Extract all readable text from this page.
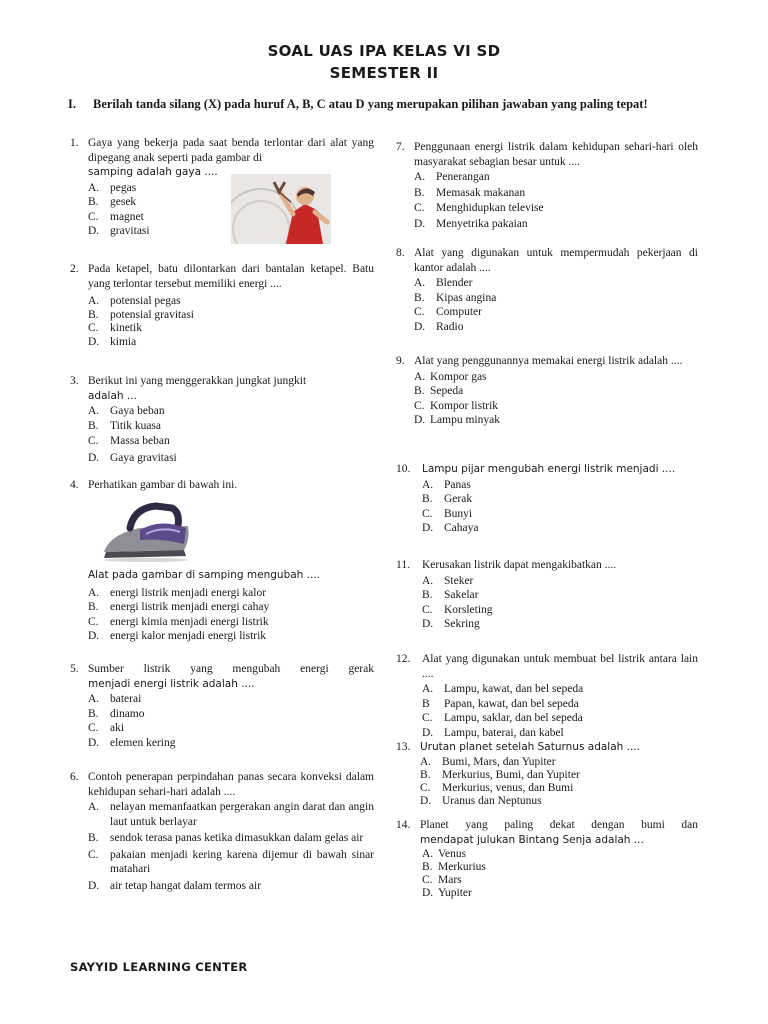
SOAL UAS IPA KELAS VI SD
SEMESTER II
I.	Berilah tanda silang (X) pada huruf A, B, C atau D yang merupakan pilihan jawaban yang paling tepat!
1. Gaya yang bekerja pada saat benda terlontar dari alat yang dipegang anak seperti pada gambar di
samping adalah gaya ....
A. pegas
B. gesek
C. magnet
D. gravitasi
2. Pada ketapel, batu dilontarkan dari bantalan ketapel. Batu yang terlontar tersebut memiliki energi ....
A. potensial pegas
B. potensial gravitasi
C. kinetik
D. kimia
3. Berikut ini yang menggerakkan jungkat jungkit
adalah ...
A. Gaya beban
B. Titik kuasa
C. Massa beban
D. Gaya gravitasi
4. Perhatikan gambar di bawah ini.
Alat pada gambar di samping mengubah ....
A. energi listrik menjadi energi kalor
B. energi listrik menjadi energi cahay
C. energi kimia menjadi energi listrik
D. energi kalor menjadi energi listrik
5. Sumber listrik yang mengubah energi gerak
menjadi energi listrik adalah ....
A. baterai
B. dinamo
C. aki
D. elemen kering
6. Contoh penerapan perpindahan panas secara konveksi dalam kehidupan sehari-hari adalah ....
A. nelayan memanfaatkan pergerakan angin darat dan angin laut untuk berlayar
B. sendok terasa panas ketika dimasukkan dalam gelas air
C. pakaian menjadi kering karena dijemur di bawah sinar matahari
D. air tetap hangat dalam termos air
7. Penggunaan energi listrik dalam kehidupan sehari-hari oleh masyarakat sebagian besar untuk ....
A. Penerangan
B. Memasak makanan
C. Menghidupkan televise
D. Menyetrika pakaian
8. Alat yang digunakan untuk mempermudah pekerjaan di kantor adalah ....
A. Blender
B. Kipas angina
C. Computer
D. Radio
9. Alat yang penggunannya memakai energi listrik adalah ....
A. Kompor gas
B. Sepeda
C. Kompor listrik
D. Lampu minyak
10.	Lampu pijar mengubah energi listrik menjadi ....
A. Panas
B. Gerak
C. Bunyi
D. Cahaya
11.	Kerusakan listrik dapat mengakibatkan ....
A. Steker
B. Sakelar
C. Korsleting
D. Sekring
12.	Alat yang digunakan untuk membuat bel listrik antara lain ....
A. Lampu, kawat, dan bel sepeda
B	Papan, kawat, dan bel sepeda
C. Lampu, saklar, dan bel sepeda
D. Lampu, baterai, dan kabel
13. Urutan planet setelah Saturnus adalah ....
A. Bumi, Mars, dan Yupiter
B. Merkurius, Bumi, dan Yupiter
C. Merkurius, venus, dan Bumi
D. Uranus dan Neptunus
14. Planet yang paling dekat dengan bumi dan
mendapat julukan Bintang Senja adalah ...
A. Venus
B. Merkurius
C. Mars
D. Yupiter
SAYYID LEARNING CENTER
